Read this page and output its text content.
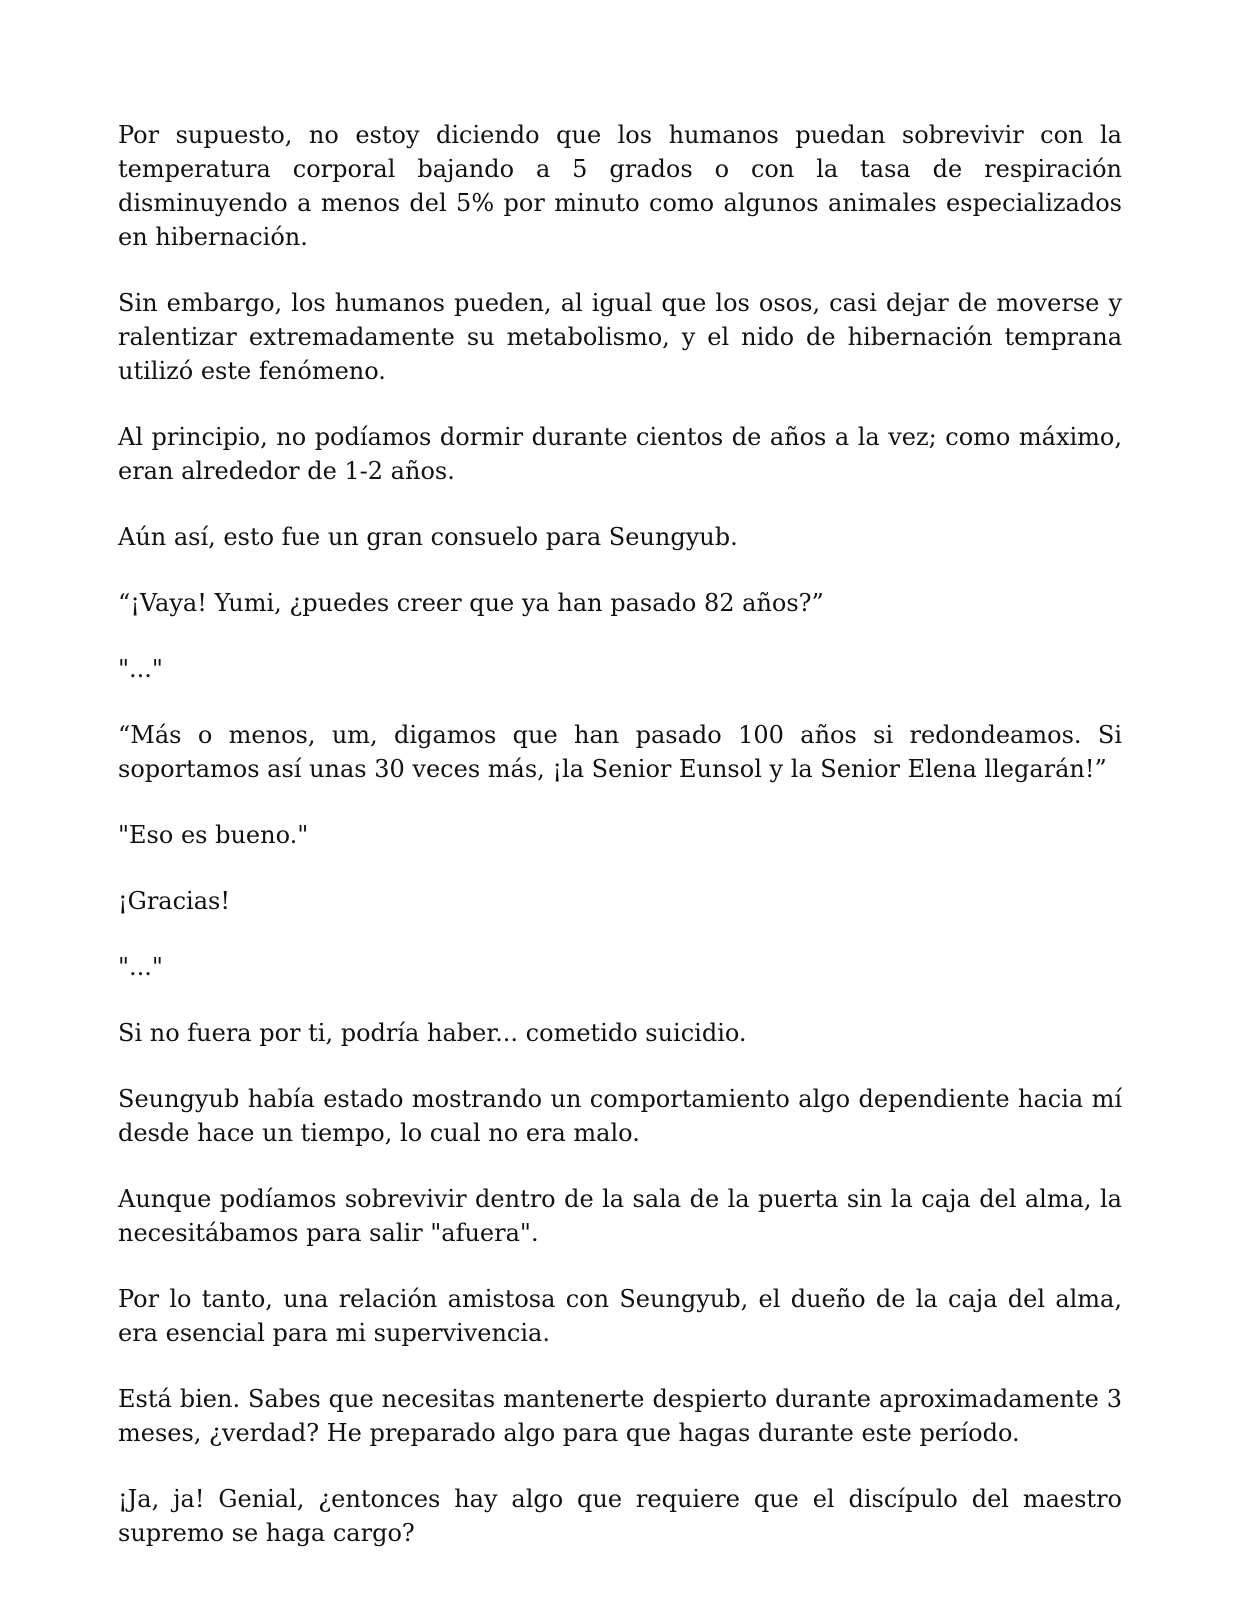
Por supuesto, no estoy diciendo que los humanos puedan sobrevivir con la temperatura corporal bajando a 5 grados o con la tasa de respiración disminuyendo a menos del 5% por minuto como algunos animales especializados en hibernación.

Sin embargo, los humanos pueden, al igual que los osos, casi dejar de moverse y ralentizar extremadamente su metabolismo, y el nido de hibernación temprana utilizó este fenómeno.

Al principio, no podíamos dormir durante cientos de años a la vez; como máximo, eran alrededor de 1-2 años.

Aún así, esto fue un gran consuelo para Seungyub.

“¡Vaya! Yumi, ¿puedes creer que ya han pasado 82 años?”

"..."

“Más o menos, um, digamos que han pasado 100 años si redondeamos. Si soportamos así unas 30 veces más, ¡la Senior Eunsol y la Senior Elena llegarán!”

"Eso es bueno."

¡Gracias!

"..."

Si no fuera por ti, podría haber... cometido suicidio.

Seungyub había estado mostrando un comportamiento algo dependiente hacia mí desde hace un tiempo, lo cual no era malo.

Aunque podíamos sobrevivir dentro de la sala de la puerta sin la caja del alma, la necesitábamos para salir "afuera".

Por lo tanto, una relación amistosa con Seungyub, el dueño de la caja del alma, era esencial para mi supervivencia.

Está bien. Sabes que necesitas mantenerte despierto durante aproximadamente 3 meses, ¿verdad? He preparado algo para que hagas durante este período.

¡Ja, ja! Genial, ¿entonces hay algo que requiere que el discípulo del maestro supremo se haga cargo?
